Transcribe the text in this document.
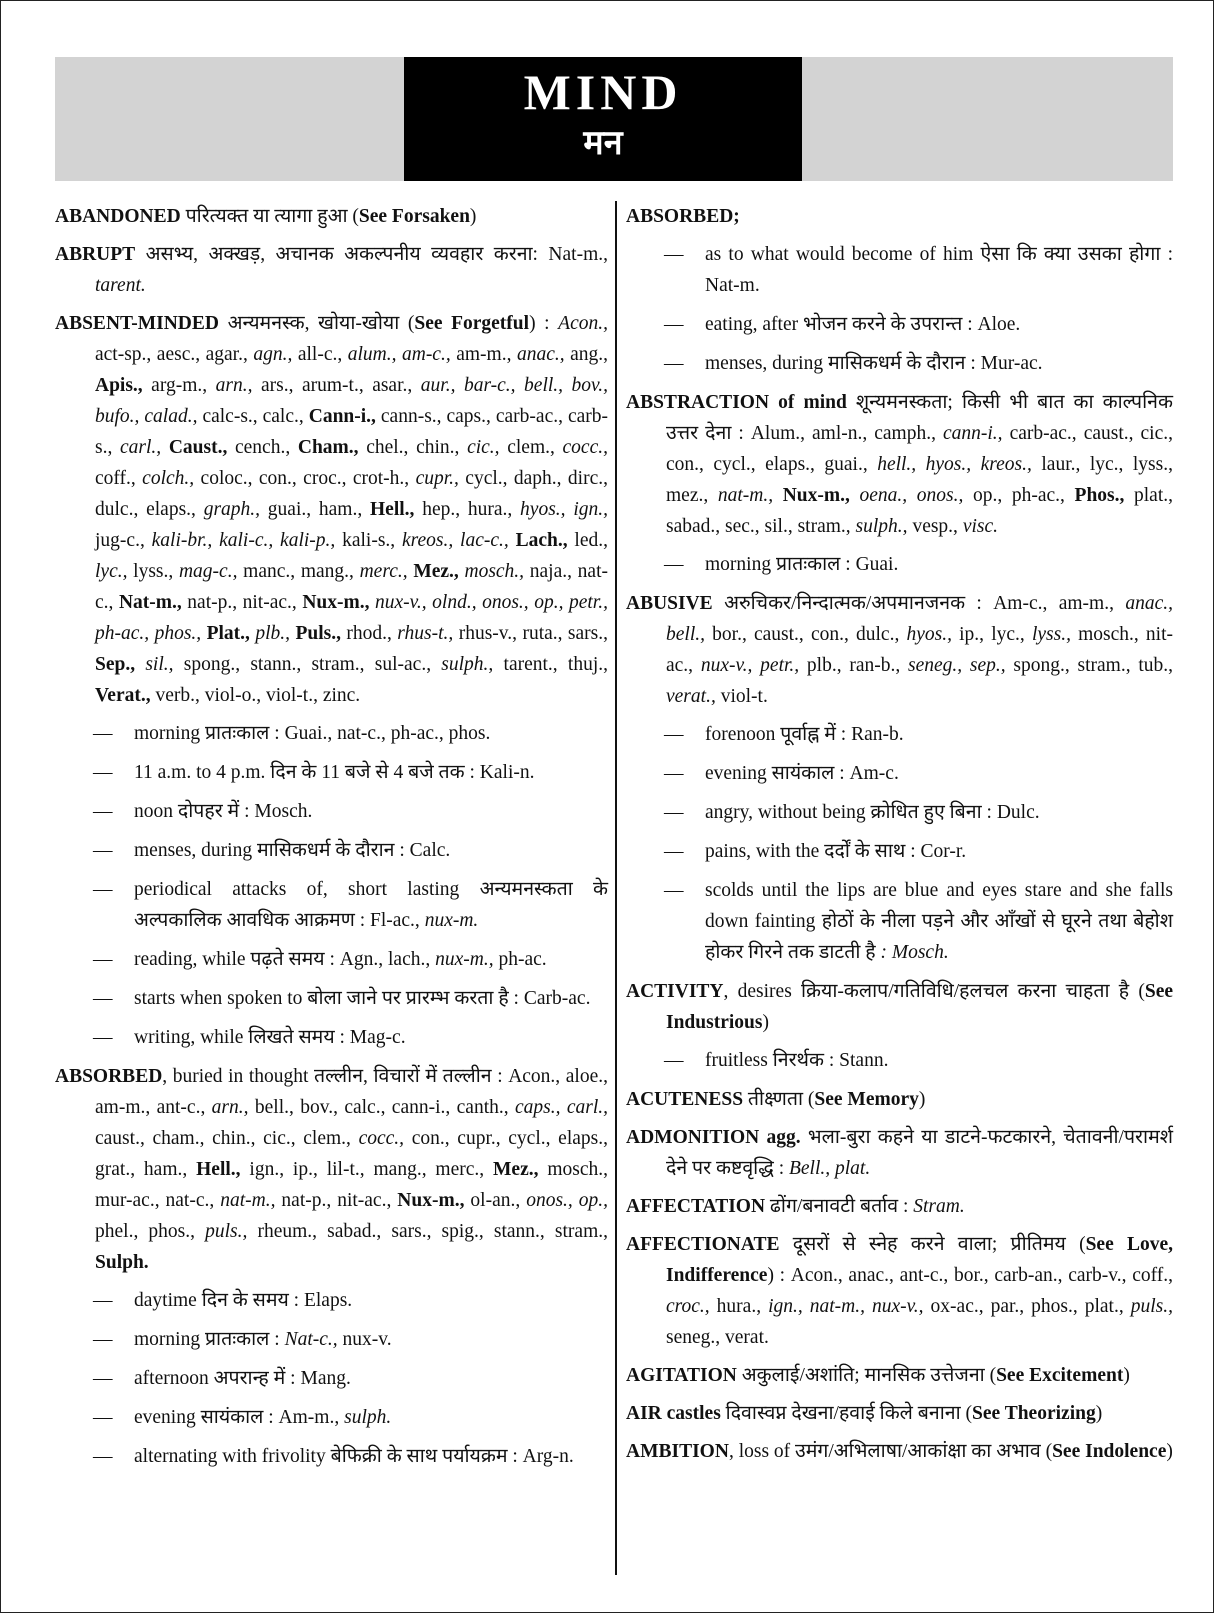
MIND
मन
ABANDONED परित्यक्त या त्यागा हुआ (See Forsaken)
ABRUPT असभ्य, अक्खड़, अचानक अकल्पनीय व्यवहार करना: Nat-m., tarent.
ABSENT-MINDED अन्यमनस्क, खोया-खोया (See Forgetful) : Acon., act-sp., aesc., agar., agn., all-c., alum., am-c., am-m., anac., ang., Apis., arg-m., arn., ars., arum-t., asar., aur., bar-c., bell., bov., bufo., calad., calc-s., calc., Cann-i., cann-s., caps., carb-ac., carb-s., carl., Caust., cench., Cham., chel., chin., cic., clem., cocc., coff., colch., coloc., con., croc., crot-h., cupr., cycl., daph., dirc., dulc., elaps., graph., guai., ham., Hell., hep., hura., hyos., ign., jug-c., kali-br., kali-c., kali-p., kali-s., kreos., lac-c., Lach., led., lyc., lyss., mag-c., manc., mang., merc., Mez., mosch., naja., nat-c., Nat-m., nat-p., nit-ac., Nux-m., nux-v., olnd., onos., op., petr., ph-ac., phos., Plat., plb., Puls., rhod., rhus-t., rhus-v., ruta., sars., Sep., sil., spong., stann., stram., sul-ac., sulph., tarent., thuj., Verat., verb., viol-o., viol-t., zinc.
— morning प्रातःकाल : Guai., nat-c., ph-ac., phos.
— 11 a.m. to 4 p.m. दिन के 11 बजे से 4 बजे तक : Kali-n.
— noon दोपहर में : Mosch.
— menses, during मासिकधर्म के दौरान : Calc.
— periodical attacks of, short lasting अन्यमनस्कता के अल्पकालिक आवधिक आक्रमण : Fl-ac., nux-m.
— reading, while पढ़ते समय : Agn., lach., nux-m., ph-ac.
— starts when spoken to बोला जाने पर प्रारम्भ करता है : Carb-ac.
— writing, while लिखते समय : Mag-c.
ABSORBED, buried in thought तल्लीन, विचारों में तल्लीन : Acon., aloe., am-m., ant-c., arn., bell., bov., calc., cann-i., canth., caps., carl., caust., cham., chin., cic., clem., cocc., con., cupr., cycl., elaps., grat., ham., Hell., ign., ip., lil-t., mang., merc., Mez., mosch., mur-ac., nat-c., nat-m., nat-p., nit-ac., Nux-m., ol-an., onos., op., phel., phos., puls., rheum., sabad., sars., spig., stann., stram., Sulph.
— daytime दिन के समय : Elaps.
— morning प्रातःकाल : Nat-c., nux-v.
— afternoon अपरान्ह में : Mang.
— evening सायंकाल : Am-m., sulph.
— alternating with frivolity बेफिक्री के साथ पर्यायक्रम : Arg-n.
ABSORBED;
— as to what would become of him ऐसा कि क्या उसका होगा : Nat-m.
— eating, after भोजन करने के उपरान्त : Aloe.
— menses, during मासिकधर्म के दौरान : Mur-ac.
ABSTRACTION of mind शून्यमनस्कता; किसी भी बात का काल्पनिक उत्तर देना : Alum., aml-n., camph., cann-i., carb-ac., caust., cic., con., cycl., elaps., guai., hell., hyos., kreos., laur., lyc., lyss., mez., nat-m., Nux-m., oena., onos., op., ph-ac., Phos., plat., sabad., sec., sil., stram., sulph., vesp., visc.
— morning प्रातःकाल : Guai.
ABUSIVE अरुचिकर/निन्दात्मक/अपमानजनक : Am-c., am-m., anac., bell., bor., caust., con., dulc., hyos., ip., lyc., lyss., mosch., nit-ac., nux-v., petr., plb., ran-b., seneg., sep., spong., stram., tub., verat., viol-t.
— forenoon पूर्वाह्न में : Ran-b.
— evening सायंकाल : Am-c.
— angry, without being क्रोधित हुए बिना : Dulc.
— pains, with the दर्दों के साथ : Cor-r.
— scolds until the lips are blue and eyes stare and she falls down fainting होठों के नीला पड़ने और आँखों से घूरने तथा बेहोश होकर गिरने तक डाटती है : Mosch.
ACTIVITY, desires क्रिया-कलाप/गतिविधि/हलचल करना चाहता है (See Industrious)
— fruitless निरर्थक : Stann.
ACUTENESS तीक्ष्णता (See Memory)
ADMONITION agg. भला-बुरा कहने या डाटने-फटकारने, चेतावनी/परामर्श देने पर कष्टवृद्धि : Bell., plat.
AFFECTATION ढोंग/बनावटी बर्ताव : Stram.
AFFECTIONATE दूसरों से स्नेह करने वाला; प्रीतिमय (See Love, Indifference) : Acon., anac., ant-c., bor., carb-an., carb-v., coff., croc., hura., ign., nat-m., nux-v., ox-ac., par., phos., plat., puls., seneg., verat.
AGITATION अकुलाई/अशांति; मानसिक उत्तेजना (See Excitement)
AIR castles दिवास्वप्न देखना/हवाई किले बनाना (See Theorizing)
AMBITION, loss of उमंग/अभिलाषा/आकांक्षा का अभाव (See Indolence)
